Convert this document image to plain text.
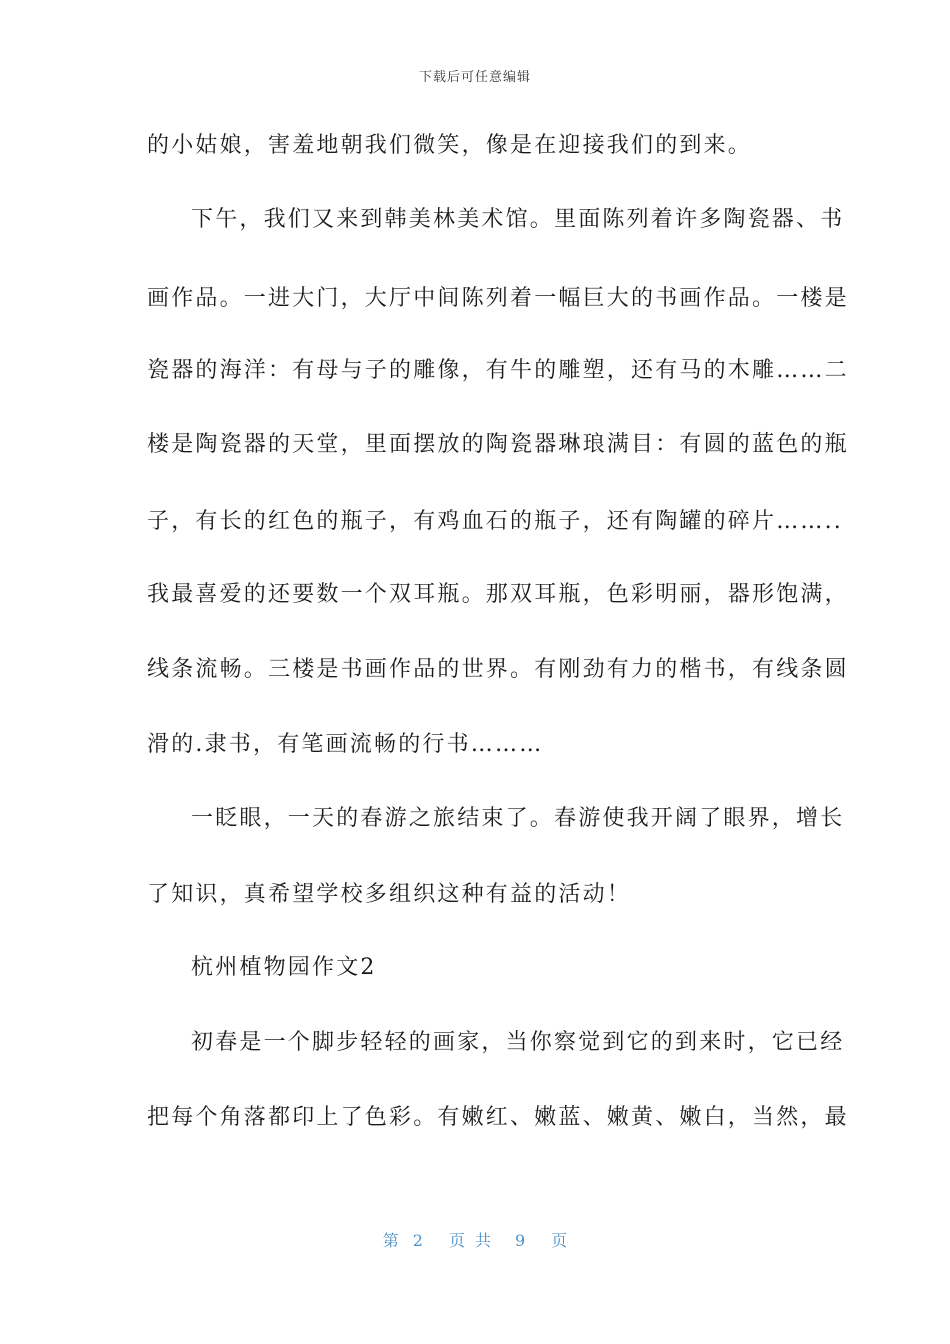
下载后可任意编辑
的小姑娘，害羞地朝我们微笑，像是在迎接我们的到来。
下午，我们又来到韩美林美术馆。里面陈列着许多陶瓷器、书
画作品。一进大门，大厅中间陈列着一幅巨大的书画作品。一楼是
瓷器的海洋：有母与子的雕像，有牛的雕塑，还有马的木雕……二
楼是陶瓷器的天堂，里面摆放的陶瓷器琳琅满目：有圆的蓝色的瓶
子，有长的红色的瓶子，有鸡血石的瓶子，还有陶罐的碎片……..
我最喜爱的还要数一个双耳瓶。那双耳瓶，色彩明丽，器形饱满，
线条流畅。三楼是书画作品的世界。有刚劲有力的楷书，有线条圆
滑的.隶书，有笔画流畅的行书………
一眨眼，一天的春游之旅结束了。春游使我开阔了眼界，增长
了知识，真希望学校多组织这种有益的活动！
杭州植物园作文2
初春是一个脚步轻轻的画家，当你察觉到它的到来时，它已经
把每个角落都印上了色彩。有嫩红、嫩蓝、嫩黄、嫩白，当然，最
第 2 页共 9 页
